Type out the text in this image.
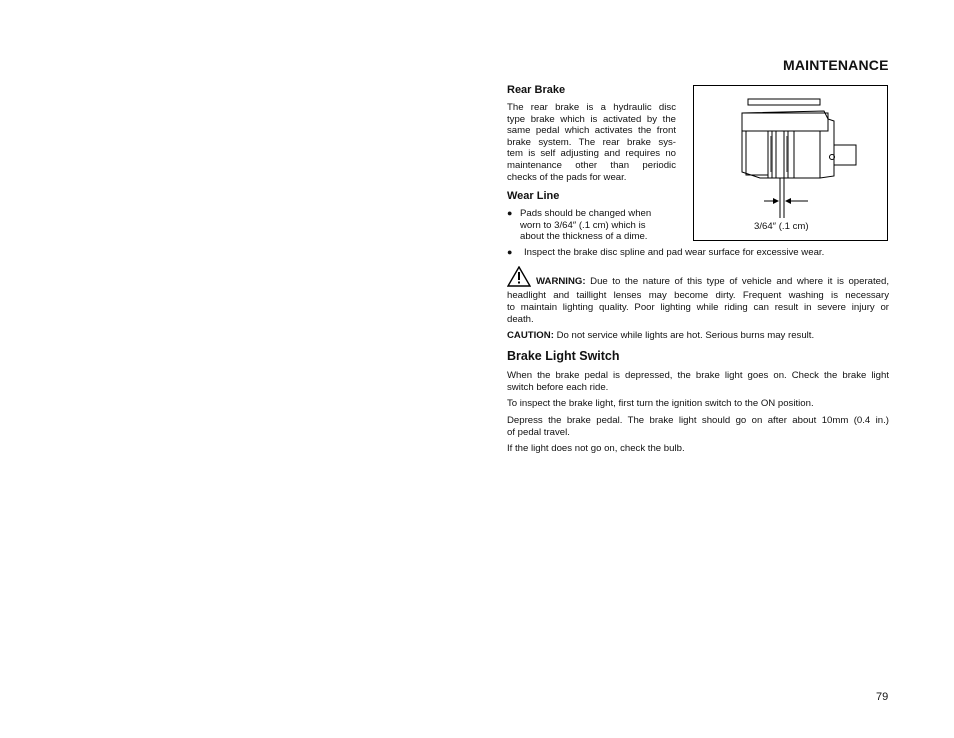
MAINTENANCE
Rear Brake
The rear brake is a hydraulic disc
type brake which is activated by the
same pedal which activates the front
brake system. The rear brake sys-
tem is self adjusting and requires no
maintenance other than periodic
checks of the pads for wear.
Wear Line
● Pads should be changed when
worn to 3/64″ (.1 cm) which is
about the thickness of a dime.
3/64″ (.1 cm)
●	Inspect the brake disc spline and pad wear surface for excessive wear.
WARNING: Due to the nature of this type of vehicle and where it is operated,
headlight and taillight lenses may become dirty. Frequent washing is necessary
to maintain lighting quality. Poor lighting while riding can result in severe injury or
death.
CAUTION: Do not service while lights are hot. Serious burns may result.
Brake Light Switch
When the brake pedal is depressed, the brake light goes on. Check the brake light
switch before each ride.
To inspect the brake light, first turn the ignition switch to the ON position.
Depress the brake pedal. The brake light should go on after about 10mm (0.4 in.)
of pedal travel.
If the light does not go on, check the bulb.
79
